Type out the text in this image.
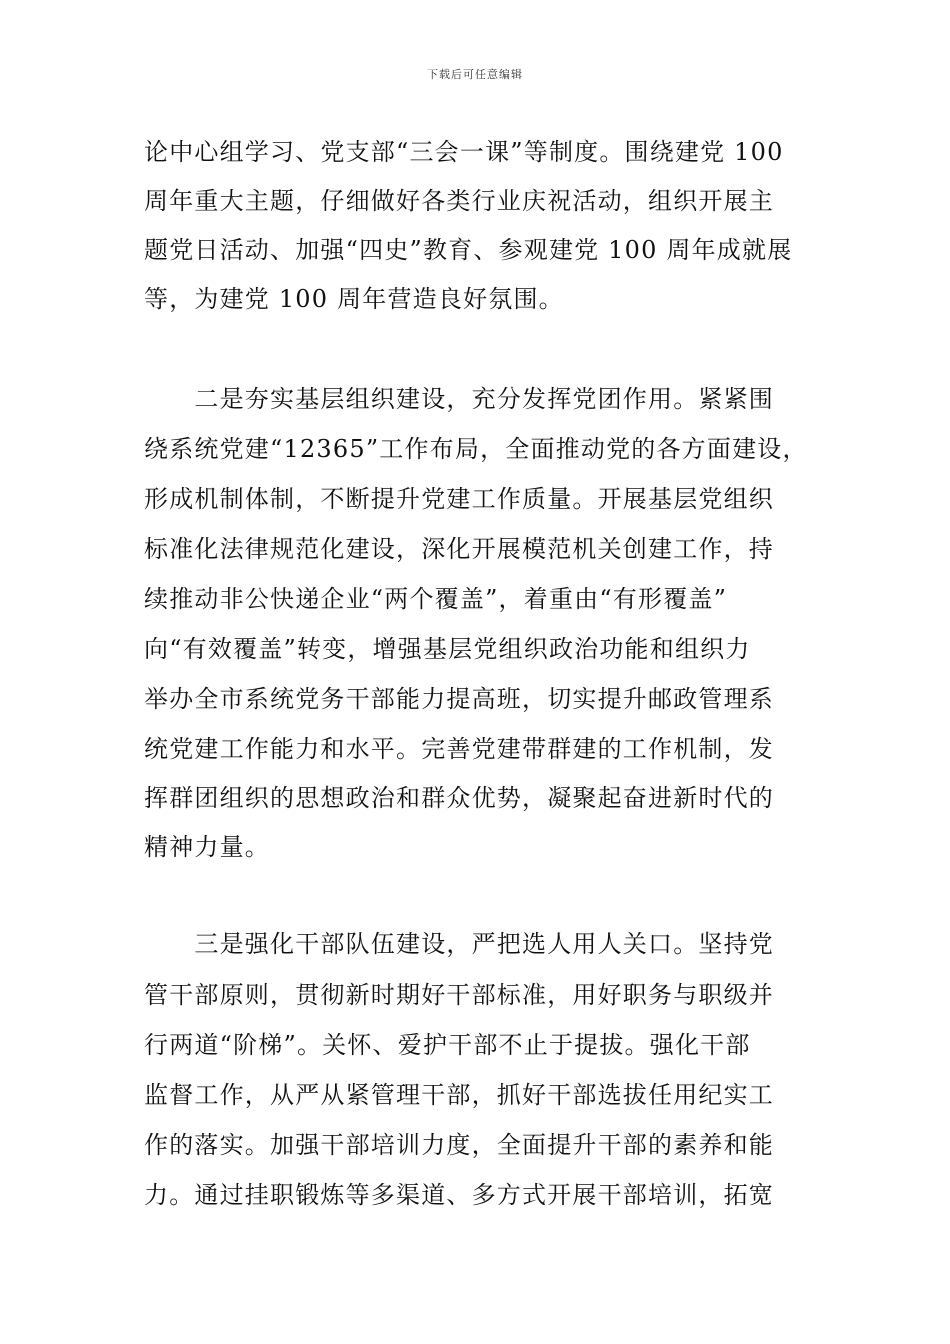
下载后可任意编辑
论中心组学习、党支部“三会一课”等制度。围绕建党 100
周年重大主题，仔细做好各类行业庆祝活动，组织开展主
题党日活动、加强“四史”教育、参观建党 100 周年成就展
等，为建党 100 周年营造良好氛围。
　　二是夯实基层组织建设，充分发挥党团作用。紧紧围
绕系统党建“12365”工作布局，全面推动党的各方面建设，
形成机制体制，不断提升党建工作质量。开展基层党组织
标准化法律规范化建设，深化开展模范机关创建工作，持
续推动非公快递企业“两个覆盖”，着重由“有形覆盖”
向“有效覆盖”转变，增强基层党组织政治功能和组织力
举办全市系统党务干部能力提高班，切实提升邮政管理系
统党建工作能力和水平。完善党建带群建的工作机制，发
挥群团组织的思想政治和群众优势，凝聚起奋进新时代的
精神力量。
　　三是强化干部队伍建设，严把选人用人关口。坚持党
管干部原则，贯彻新时期好干部标准，用好职务与职级并
行两道“阶梯”。关怀、爱护干部不止于提拔。强化干部
监督工作，从严从紧管理干部，抓好干部选拔任用纪实工
作的落实。加强干部培训力度，全面提升干部的素养和能
力。通过挂职锻炼等多渠道、多方式开展干部培训，拓宽
